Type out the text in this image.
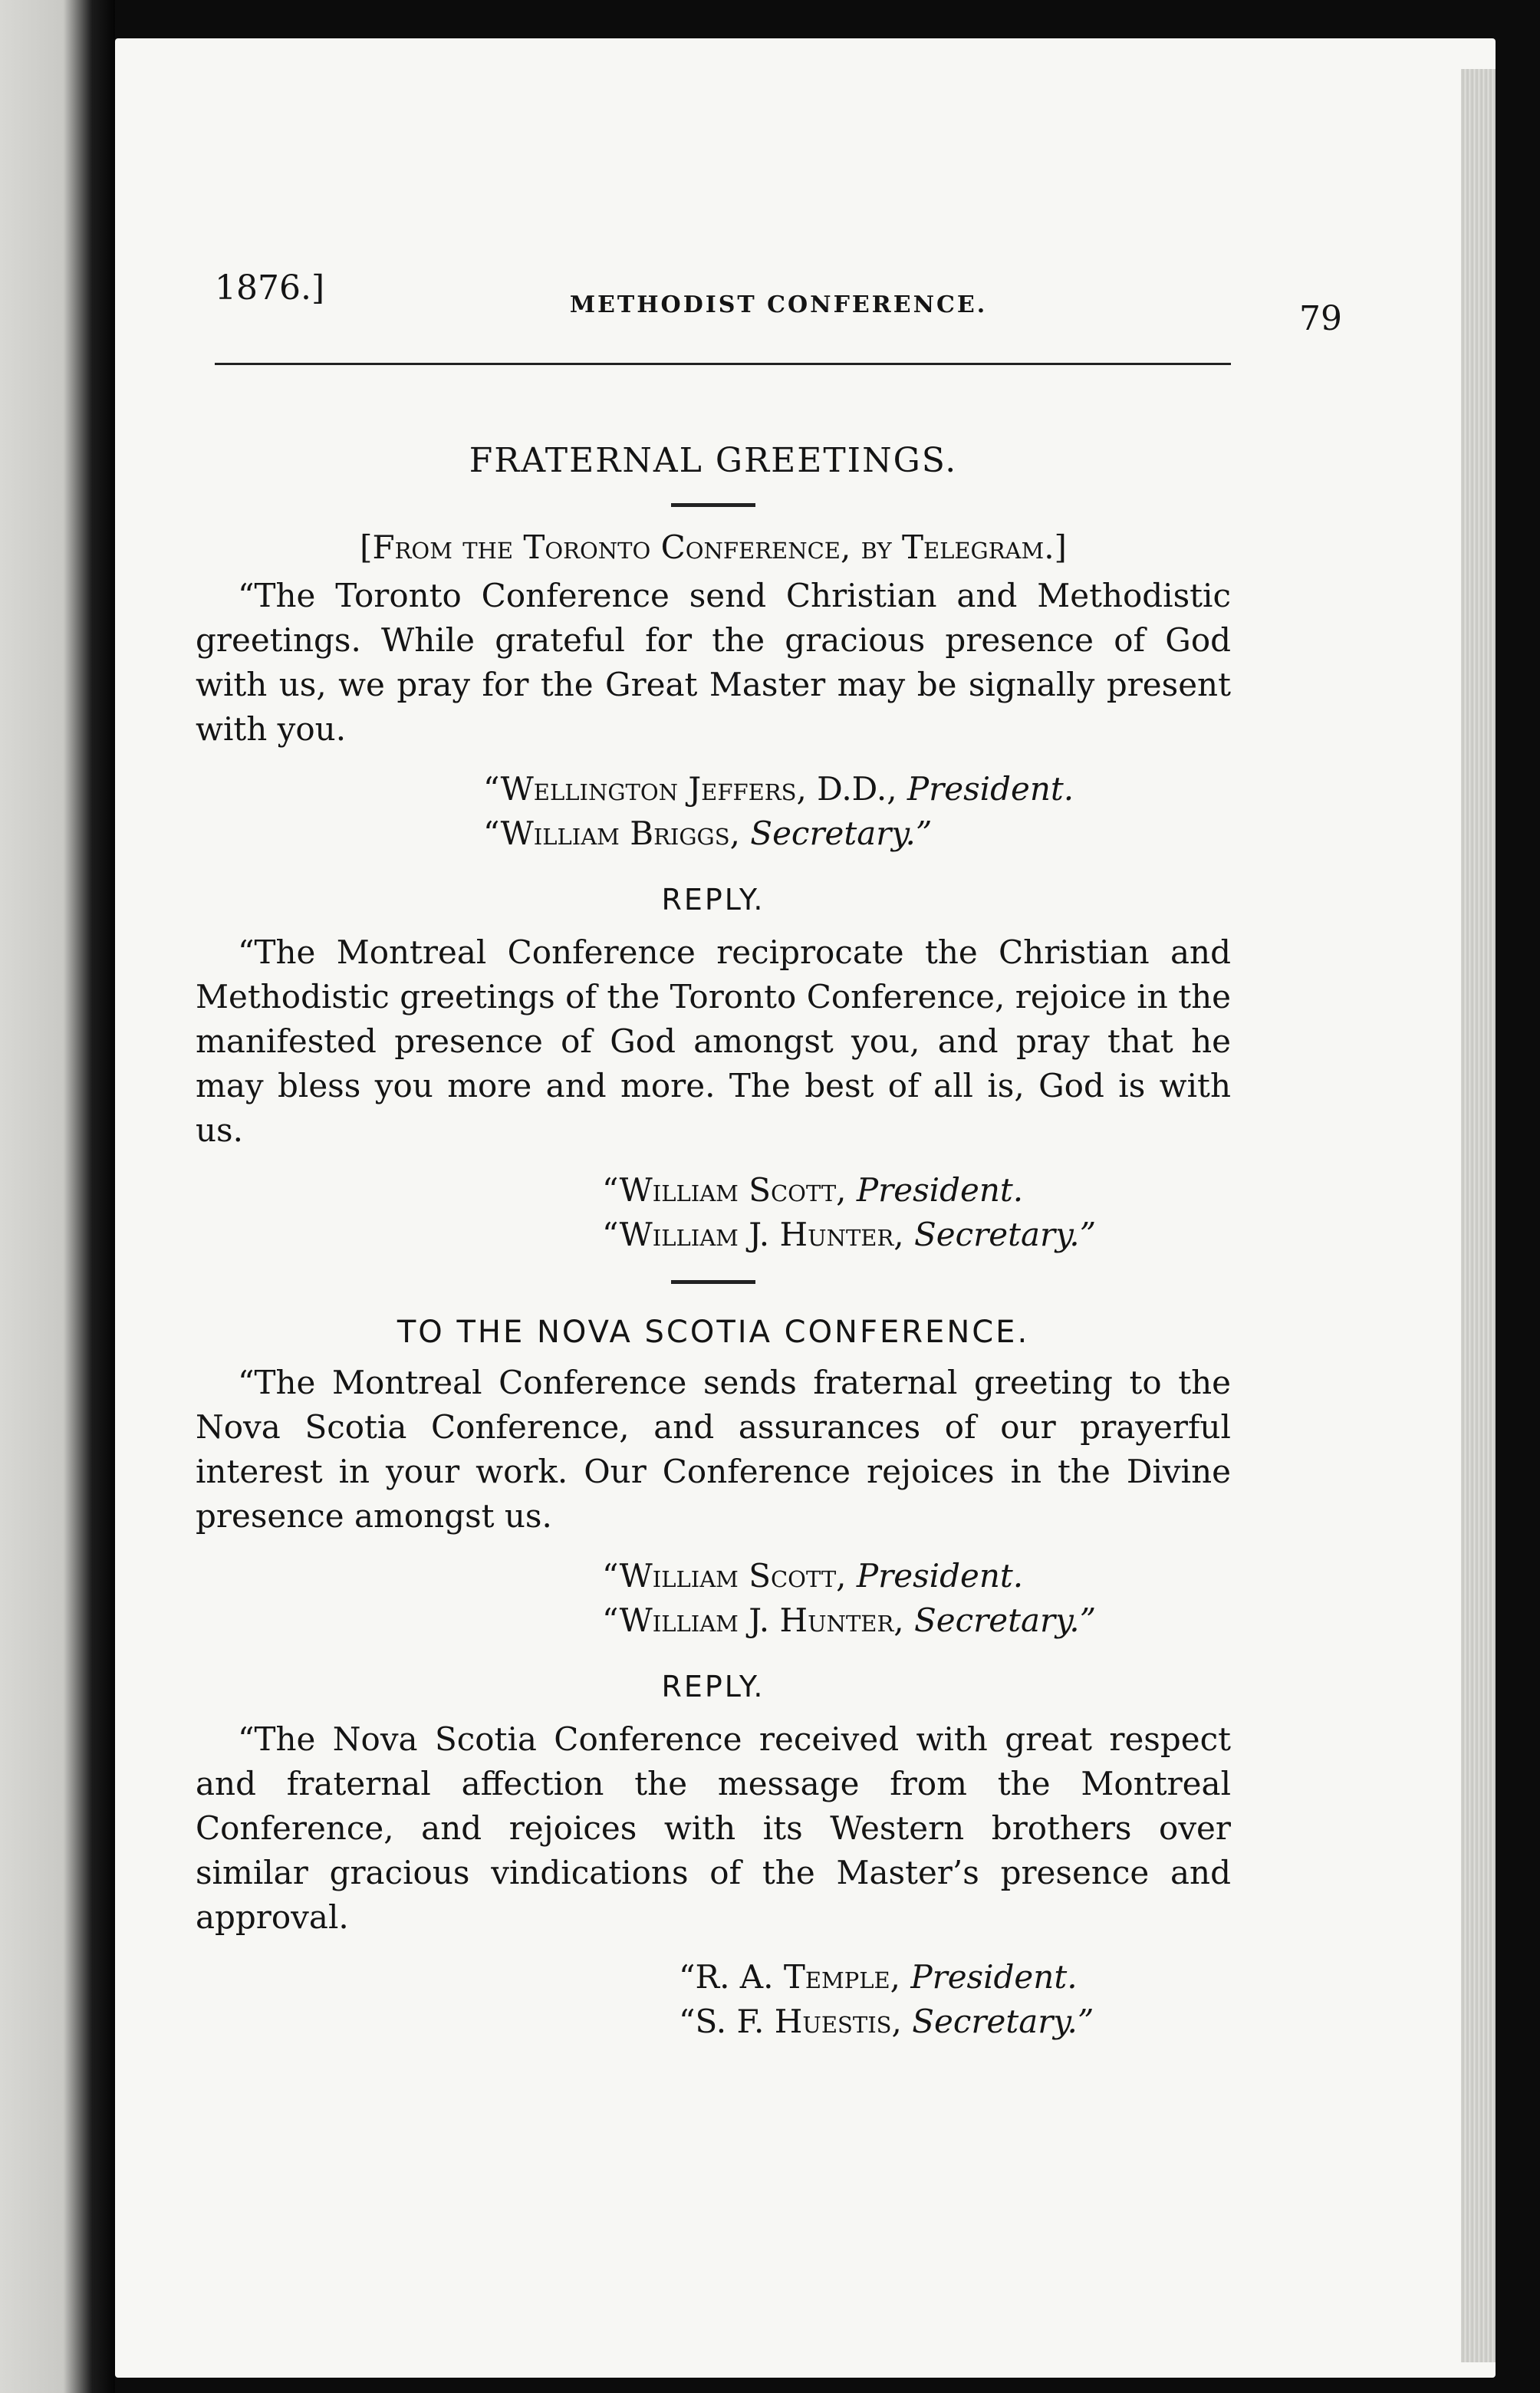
1876.]	METHODIST CONFERENCE.	79
FRATERNAL GREETINGS.
[From the Toronto Conference, by Telegram.]

“The Toronto Conference send Christian and Methodistic greetings. While grateful for the gracious presence of God with us, we pray for the Great Master may be signally present with you.

“Wellington Jeffers, D.D., President.
“William Briggs, Secretary.”
REPLY.

“The Montreal Conference reciprocate the Christian and Methodistic greetings of the Toronto Conference, rejoice in the manifested presence of God amongst you, and pray that he may bless you more and more. The best of all is, God is with us.

“William Scott, President.
“William J. Hunter, Secretary.”
TO THE NOVA SCOTIA CONFERENCE.

“The Montreal Conference sends fraternal greeting to the Nova Scotia Conference, and assurances of our prayerful interest in your work. Our Conference rejoices in the Divine presence amongst us.

“William Scott, President.
“William J. Hunter, Secretary.”
REPLY.

“The Nova Scotia Conference received with great respect and fraternal affection the message from the Montreal Conference, and rejoices with its Western brothers over similar gracious vindications of the Master’s presence and approval.

“R. A. Temple, President.
“S. F. Huestis, Secretary.”
